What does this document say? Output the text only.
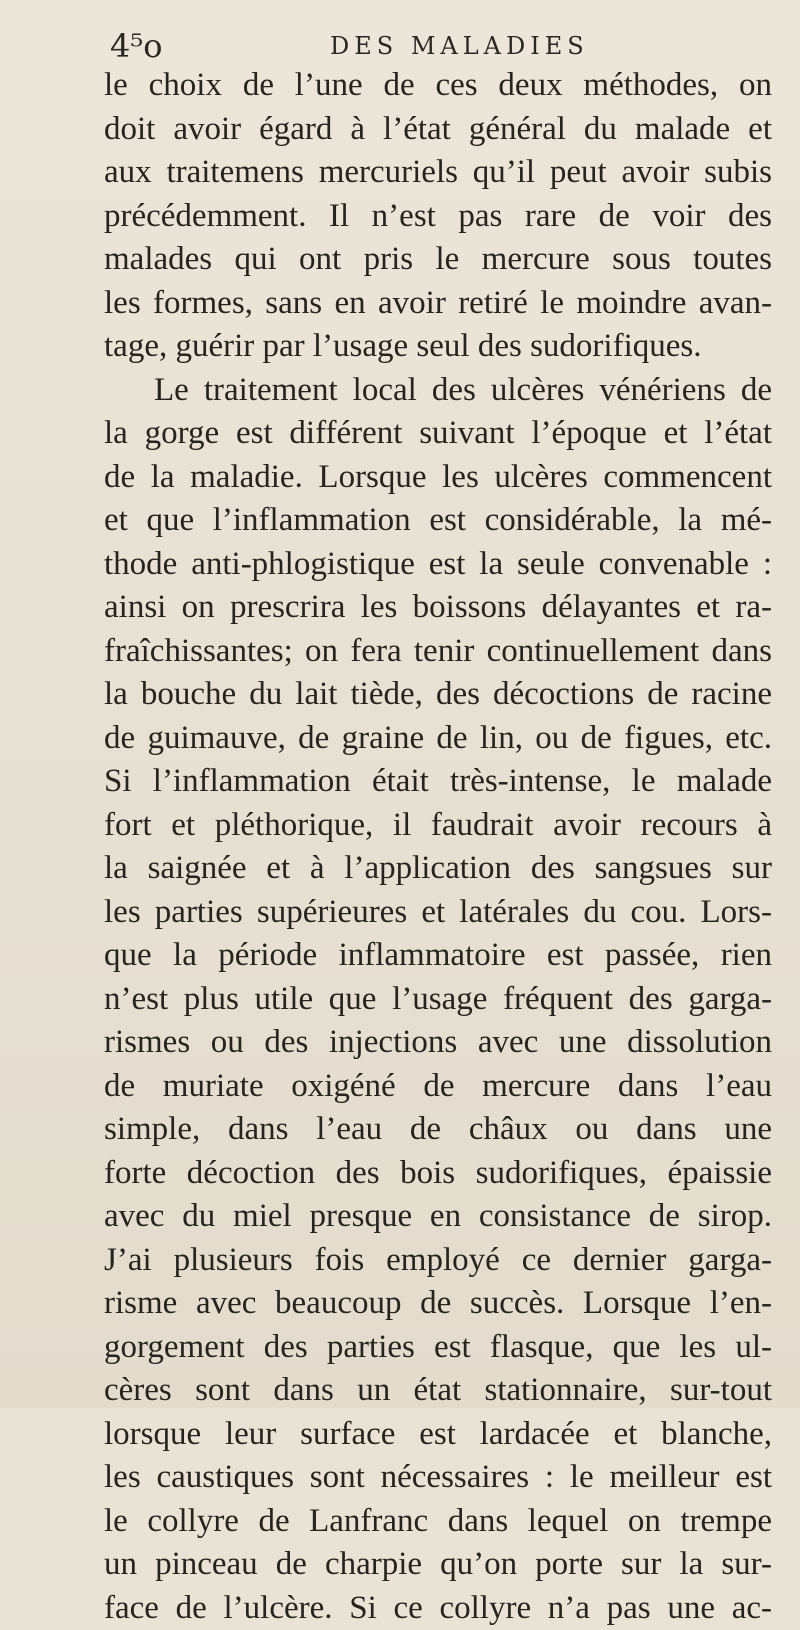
4⁵o	DES MALADIES
le choix de l’une de ces deux méthodes, on
doit avoir égard à l’état général du malade et
aux traitemens mercuriels qu’il peut avoir subis
précédemment. Il n’est pas rare de voir des
malades qui ont pris le mercure sous toutes
les formes, sans en avoir retiré le moindre avan-
tage, guérir par l’usage seul des sudorifiques.
Le traitement local des ulcères vénériens de
la gorge est différent suivant l’époque et l’état
de la maladie. Lorsque les ulcères commencent
et que l’inflammation est considérable, la mé-
thode anti-phlogistique est la seule convenable :
ainsi on prescrira les boissons délayantes et ra-
fraîchissantes; on fera tenir continuellement dans
la bouche du lait tiède, des décoctions de racine
de guimauve, de graine de lin, ou de figues, etc.
Si l’inflammation était très-intense, le malade
fort et pléthorique, il faudrait avoir recours à
la saignée et à l’application des sangsues sur
les parties supérieures et latérales du cou. Lors-
que la période inflammatoire est passée, rien
n’est plus utile que l’usage fréquent des garga-
rismes ou des injections avec une dissolution
de muriate oxigéné de mercure dans l’eau
simple, dans l’eau de châux ou dans une
forte décoction des bois sudorifiques, épaissie
avec du miel presque en consistance de sirop.
J’ai plusieurs fois employé ce dernier garga-
risme avec beaucoup de succès. Lorsque l’en-
gorgement des parties est flasque, que les ul-
cères sont dans un état stationnaire, sur-tout
lorsque leur surface est lardacée et blanche,
les caustiques sont nécessaires : le meilleur est
le collyre de Lanfranc dans lequel on trempe
un pinceau de charpie qu’on porte sur la sur-
face de l’ulcère. Si ce collyre n’a pas une ac-
